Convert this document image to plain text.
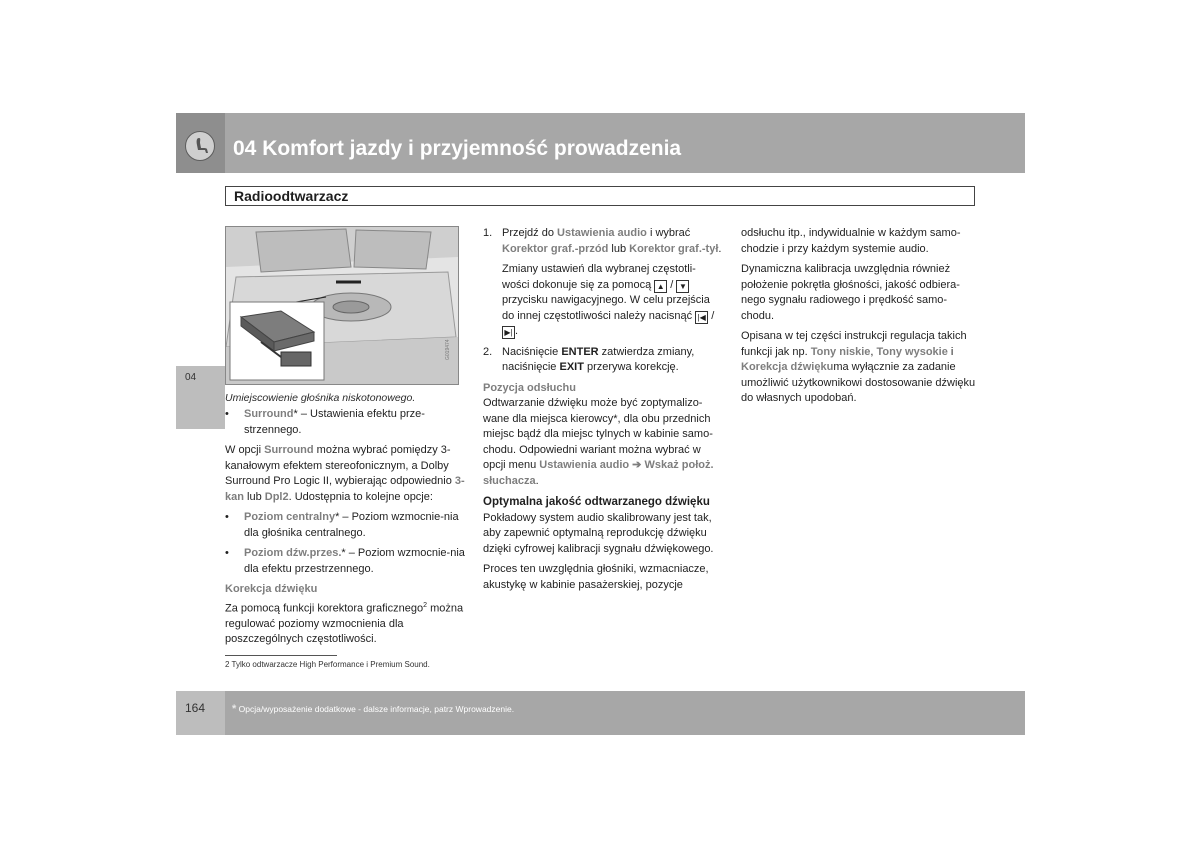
04 Komfort jazdy i przyjemność prowadzenia
Radioodtwarzacz
04
G019474
Umiejscowienie głośnika niskotonowego.
• Surround* – Ustawienia efektu prze-strzennego.

W opcji Surround można wybrać pomiędzy 3-kanałowym efektem stereofonicznym, a Dolby Surround Pro Logic II, wybierając odpowiednio 3-kan lub Dpl2. Udostępnia to kolejne opcje:

• Poziom centralny* – Poziom wzmocnie-nia dla głośnika centralnego.
• Poziom dźw.przes.* – Poziom wzmocnie-nia dla efektu przestrzennego.
Korekcja dźwięku

Za pomocą funkcji korektora graficznego$^2$ można regulować poziomy wzmocnienia dla poszczególnych częstotliwości.

1. Przejdź do Ustawienia audio i wybrać Korektor graf.-przód lub Korektor graf.-tył.

Zmiany ustawień dla wybranej częstotli-wości dokonuje się za pomocą ▲ / ▼ przycisku nawigacyjnego. W celu przejścia do innej częstotliwości należy nacisnąć |◀ / ▶| .

2. Naciśnięcie ENTER zatwierdza zmiany, naciśnięcie EXIT przerywa korekcję.
Pozycja odsłuchu

Odtwarzanie dźwięku może być zoptymalizo-wane dla miejsca kierowcy*, dla obu przednich miejsc bądź dla miejsc tylnych w kabinie samo-chodu. Odpowiedni wariant można wybrać w opcji menu Ustawienia audio ➔ Wskaż położ. słuchacza.

Optymalna jakość odtwarzanego dźwięku

Pokładowy system audio skalibrowany jest tak, aby zapewnić optymalną reprodukcję dźwięku dzięki cyfrowej kalibracji sygnału dźwiękowego.

Proces ten uwzględnia głośniki, wzmacniacze, akustykę w kabinie pasażerskiej, pozycje

odsłuchu itp., indywidualnie w każdym samo-chodzie i przy każdym systemie audio.

Dynamiczna kalibracja uwzględnia również położenie pokrętła głośności, jakość odbiera-nego sygnału radiowego i prędkość samo-chodu.

Opisana w tej części instrukcji regulacja takich funkcji jak np. Tony niskie, Tony wysokie i Korekcja dźwiękuma wyłącznie za zadanie umożliwić użytkownikowi dostosowanie dźwięku do własnych upodobań.

2 Tylko odtwarzacze High Performance i Premium Sound.
164 * Opcja/wyposażenie dodatkowe - dalsze informacje, patrz Wprowadzenie.
